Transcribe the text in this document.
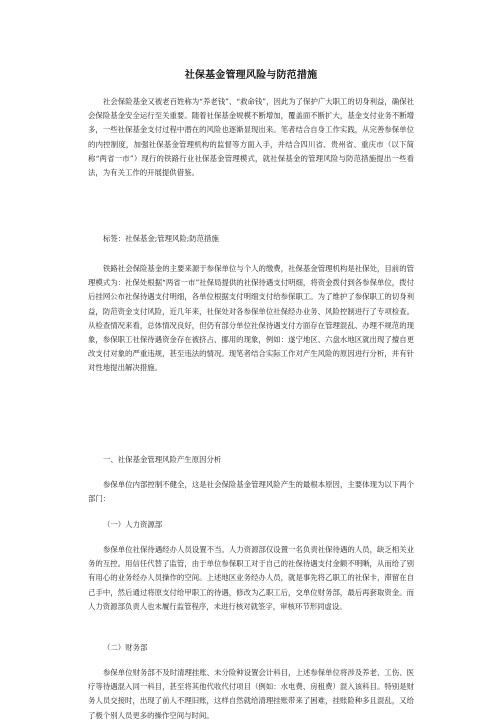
社保基金管理风险与防范措施

社会保险基金又被老百姓称为“养老钱”、“救命钱”，因此为了保护广大职工的切身利益，确保社会保险基金安全运行至关重要。随着社保基金规模不断增加，覆盖面不断扩大，基金支付业务不断增多，一些社保基金支付过程中潜在的风险也逐渐显现出来。笔者结合自身工作实践，从完善参保单位的内控制度，加强社保基金管理机构的监督等方面入手，并结合四川省、贵州省、重庆市（以下简称“两省一市”）现行的铁路行业社保基金管理模式，就社保基金的管理风险与防范措施提出一些看法，为有关工作的开展提供借鉴。

标签：社保基金;管理风险;防范措施

铁路社会保险基金的主要来源于参保单位与个人的缴费，社保基金管理机构是社保处，目前的管理模式为：社保处根据“两省一市”社保局提供的社保待遇支付明细，将资金拨付到各参保单位，拨付后挂网公布社保待遇支付明细，各单位根据支付明细支付给参保职工。为了维护了参保职工的切身利益，防范资金支付风险，近几年来，社保处对各参保单位社保经办业务、风险控制进行了专项检查。从检查情况来看，总体情况良好，但仍有部分单位社保待遇支付方面存在管理混乱、办理不规范的现象，参保职工社保待遇资金存在被挤占、挪用的现象，例如：遂宁地区、六盘水地区就出现了擅自更改支付对象的严重违规，甚至违法的情况。现笔者结合实际工作对产生风险的原因进行分析，并有针对性地提出解决措施。

一、社保基金管理风险产生原因分析

参保单位内部控制不健全，这是社会保险基金管理风险产生的最根本原因，主要体现为以下两个部门：

（一）人力资源部

参保单位社保待遇经办人员设置不当。人力资源部仅设置一名负责社保待遇的人员，缺乏相关业务的互控。用信任代替了监管，由于单位参保职工对于自己的社保待遇支付金额不明晰，从而给了别有用心的业务经办人员操作的空间。上述地区业务经办人员，就是事先将乙职工的社保卡，滞留在自己手中，然后通过将原支付给甲职工的待遇，修改为乙职工后，交单位财务部，最后再套取资金。而人力资源部负责人也未履行监管程序，未进行核对就签字，审核环节形同虚设。

（二）财务部

参保单位财务部不及时清理挂账、未分险种设置会计科目，上述参保单位将涉及养老、工伤、医疗等待遇混入同一科目，甚至将其他代收代付项目（例如：水电费、房租费）混入该科目。特别是财务人员交接时，出现了前人不理旧账，这样自然就给清理挂账带来了困难，挂账险种多且混乱，又给了极个别人员更多的操作空间与时间。
